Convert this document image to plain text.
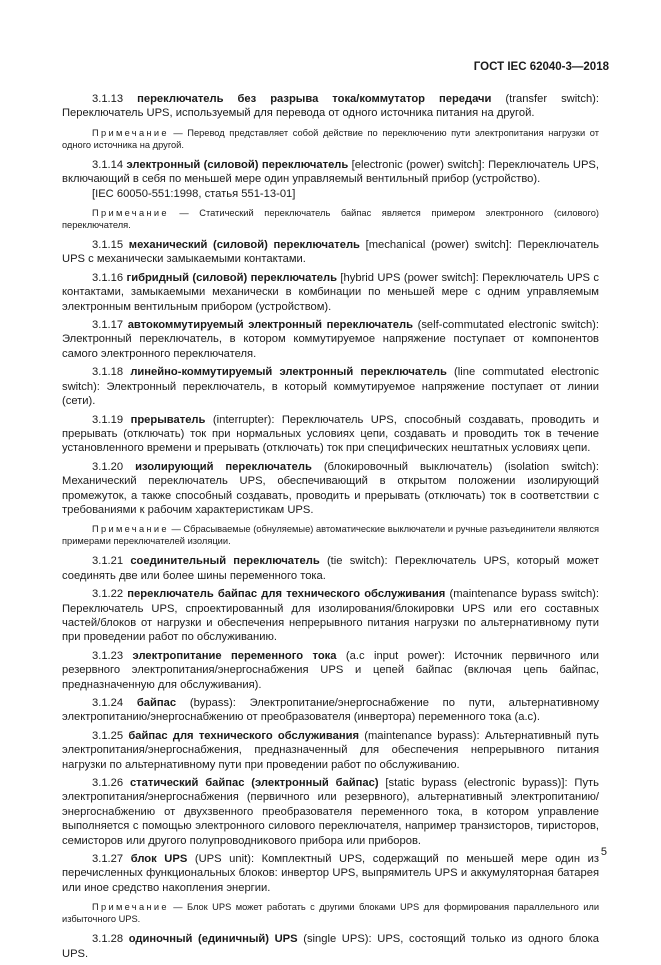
ГОСТ IEC 62040-3—2018

3.1.13 переключатель без разрыва тока/коммутатор передачи (transfer switch): Переключатель UPS, используемый для перевода от одного источника питания на другой.

Примечание — Перевод представляет собой действие по переключению пути электропитания нагрузки от одного источника на другой.

3.1.14 электронный (силовой) переключатель [electronic (power) switch]: Переключатель UPS, включающий в себя по меньшей мере один управляемый вентильный прибор (устройство).

[IEC 60050-551:1998, статья 551-13-01]

Примечание — Статический переключатель байпас является примером электронного (силового) переключателя.

3.1.15 механический (силовой) переключатель [mechanical (power) switch]: Переключатель UPS с механически замыкаемыми контактами.

3.1.16 гибридный (силовой) переключатель [hybrid UPS (power switch]: Переключатель UPS с контактами, замыкаемыми механически в комбинации по меньшей мере с одним управляемым электронным вентильным прибором (устройством).

3.1.17 автокоммутируемый электронный переключатель (self-commutated electronic switch): Электронный переключатель, в котором коммутируемое напряжение поступает от компонентов самого электронного переключателя.

3.1.18 линейно-коммутируемый электронный переключатель (line commutated electronic switch): Электронный переключатель, в который коммутируемое напряжение поступает от линии (сети).

3.1.19 прерыватель (interrupter): Переключатель UPS, способный создавать, проводить и прерывать (отключать) ток при нормальных условиях цепи, создавать и проводить ток в течение установленного времени и прерывать (отключать) ток при специфических нештатных условиях цепи.

3.1.20 изолирующий переключатель (блокировочный выключатель) (isolation switch): Механический переключатель UPS, обеспечивающий в открытом положении изолирующий промежуток, а также способный создавать, проводить и прерывать (отключать) ток в соответствии с требованиями к рабочим характеристикам UPS.

Примечание — Сбрасываемые (обнуляемые) автоматические выключатели и ручные разъединители являются примерами переключателей изоляции.

3.1.21 соединительный переключатель (tie switch): Переключатель UPS, который может соединять две или более шины переменного тока.

3.1.22 переключатель байпас для технического обслуживания (maintenance bypass switch): Переключатель UPS, спроектированный для изолирования/блокировки UPS или его составных частей/блоков от нагрузки и обеспечения непрерывного питания нагрузки по альтернативному пути при проведении работ по обслуживанию.

3.1.23 электропитание переменного тока (a.c input power): Источник первичного или резервного электропитания/энергоснабжения UPS и цепей байпас (включая цепь байпас, предназначенную для обслуживания).

3.1.24 байпас (bypass): Электропитание/энергоснабжение по пути, альтернативному электропитанию/энергоснабжению от преобразователя (инвертора) переменного тока (a.c).

3.1.25 байпас для технического обслуживания (maintenance bypass): Альтернативный путь электропитания/энергоснабжения, предназначенный для обеспечения непрерывного питания нагрузки по альтернативному пути при проведении работ по обслуживанию.

3.1.26 статический байпас (электронный байпас) [static bypass (electronic bypass)]: Путь электропитания/энергоснабжения (первичного или резервного), альтернативный электропитанию/энергоснабжению от двухзвенного преобразователя переменного тока, в котором управление выполняется с помощью электронного силового переключателя, например транзисторов, тиристоров, семисторов или другого полупроводникового прибора или приборов.

3.1.27 блок UPS (UPS unit): Комплектный UPS, содержащий по меньшей мере один из перечисленных функциональных блоков: инвертор UPS, выпрямитель UPS и аккумуляторная батарея или иное средство накопления энергии.

Примечание — Блок UPS может работать с другими блоками UPS для формирования параллельного или избыточного UPS.

3.1.28 одиночный (единичный) UPS (single UPS): UPS, состоящий только из одного блока UPS.

5
